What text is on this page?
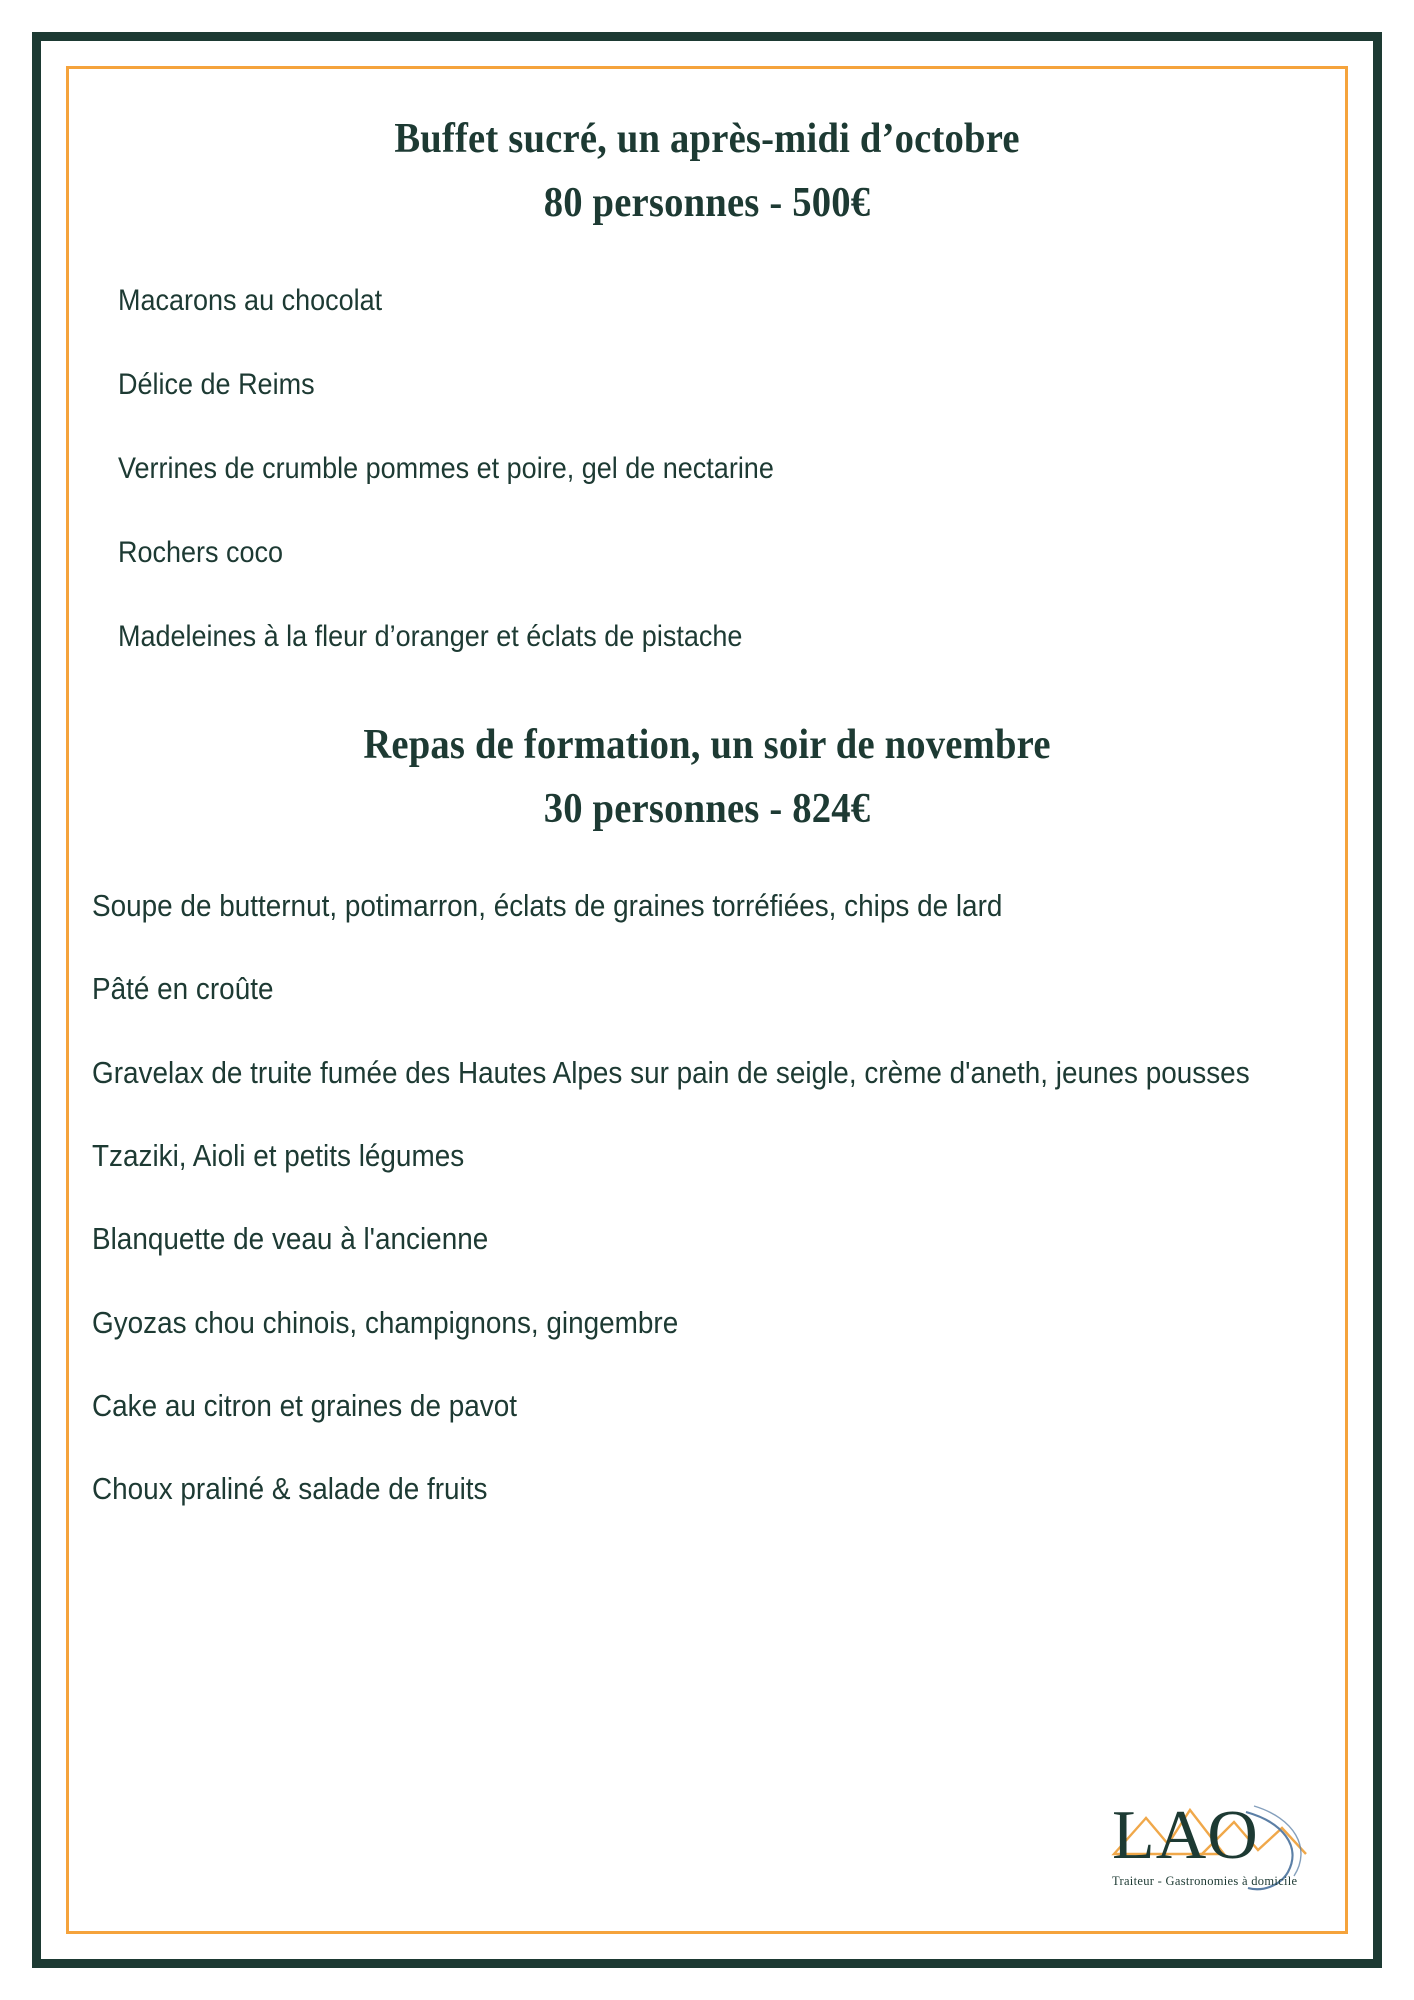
Buffet sucré, un après-midi d’octobre
80 personnes - 500€
Macarons au chocolat
Délice de Reims
Verrines de crumble pommes et poire, gel de nectarine
Rochers coco
Madeleines à la fleur d’oranger et éclats de pistache
Repas de formation, un soir de novembre
30 personnes - 824€
Soupe de butternut, potimarron, éclats de graines torréfiées, chips de lard
Pâté en croûte
Gravelax de truite fumée des Hautes Alpes sur pain de seigle, crème d'aneth, jeunes pousses
Tzaziki, Aioli et petits légumes
Blanquette de veau à l'ancienne
Gyozas chou chinois, champignons, gingembre
Cake au citron et graines de pavot
Choux praliné & salade de fruits
LAO
Traiteur - Gastronomies à domicile
